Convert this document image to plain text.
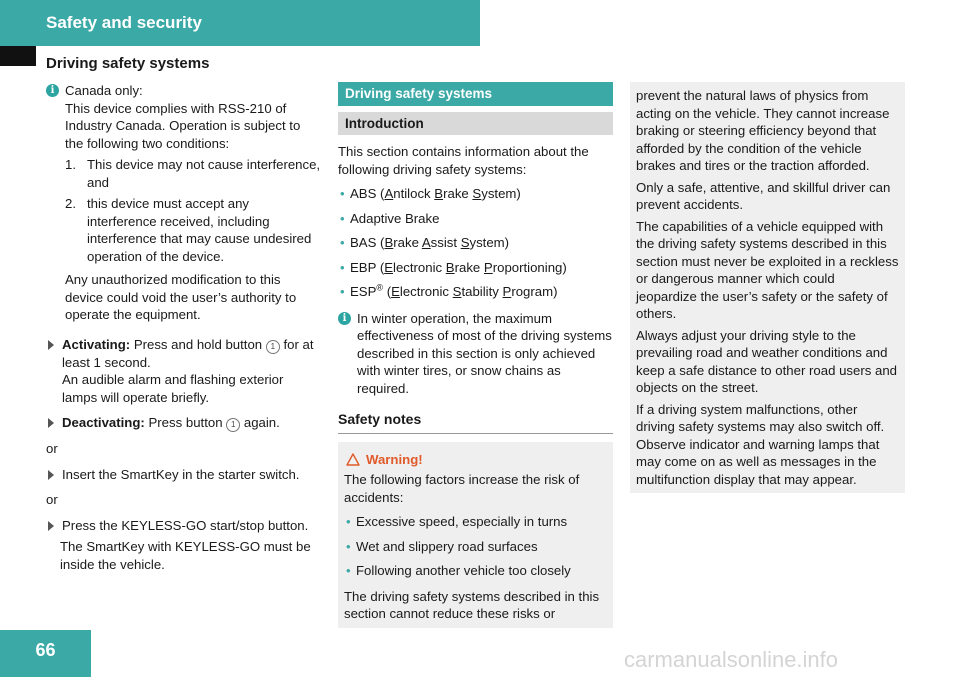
Safety and security
Driving safety systems
i Canada only:

This device complies with RSS-210 of Industry Canada. Operation is subject to the following two conditions:

1. This device may not cause interference, and
2. this device must accept any interference received, including interference that may cause undesired operation of the device.

Any unauthorized modification to this device could void the user’s authority to operate the equipment.

Activating: Press and hold button 1 for at least 1 second.

An audible alarm and flashing exterior lamps will operate briefly.

Deactivating: Press button 1 again.

or

Insert the SmartKey in the starter switch.

or

Press the KEYLESS-GO start/stop button.

The SmartKey with KEYLESS-GO must be inside the vehicle.

Driving safety systems
Introduction

This section contains information about the following driving safety systems:

• ABS (Antilock Brake System)
• Adaptive Brake
• BAS (Brake Assist System)
• EBP (Electronic Brake Proportioning)
• ESP® (Electronic Stability Program)
i In winter operation, the maximum effectiveness of most of the driving systems described in this section is only achieved with winter tires, or snow chains as required.

Safety notes
Warning!

The following factors increase the risk of accidents:

• Excessive speed, especially in turns
• Wet and slippery road surfaces
• Following another vehicle too closely

The driving safety systems described in this section cannot reduce these risks or

prevent the natural laws of physics from acting on the vehicle. They cannot increase braking or steering efficiency beyond that afforded by the condition of the vehicle brakes and tires or the traction afforded.

Only a safe, attentive, and skillful driver can prevent accidents.

The capabilities of a vehicle equipped with the driving safety systems described in this section must never be exploited in a reckless or dangerous manner which could jeopardize the user’s safety or the safety of others.

Always adjust your driving style to the prevailing road and weather conditions and keep a safe distance to other road users and objects on the street.

If a driving system malfunctions, other driving safety systems may also switch off. Observe indicator and warning lamps that may come on as well as messages in the multifunction display that may appear.

66	carmanualsonline.info
